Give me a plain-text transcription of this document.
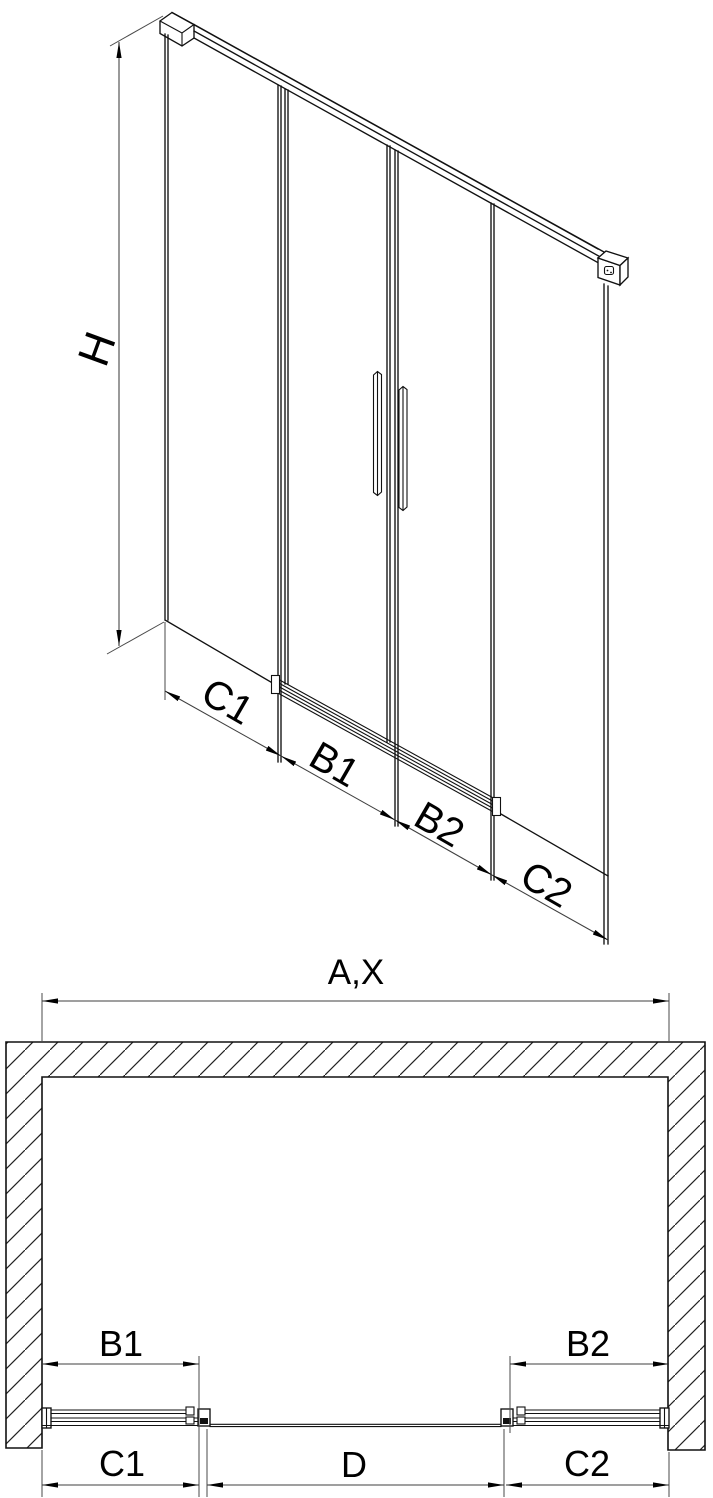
H
C1
B1
B2
C2
A,X
B1	B2
C1	D	C2
